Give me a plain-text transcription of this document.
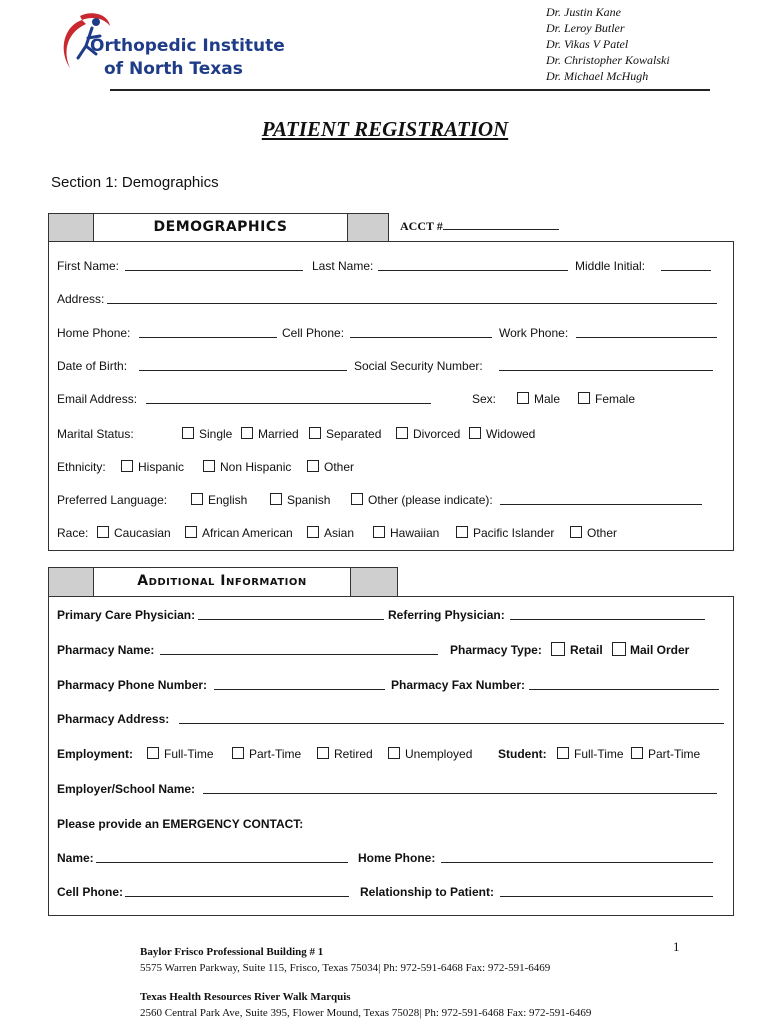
Orthopedic Institute
of North Texas
Dr. Justin Kane
Dr. Leroy Butler
Dr. Vikas V Patel
Dr. Christopher Kowalski
Dr. Michael McHugh
PATIENT REGISTRATION
Section 1: Demographics
DEMOGRAPHICS	ACCT #
First Name:	Last Name:	Middle Initial:
Address:
Home Phone:	Cell Phone:	Work Phone:
Date of Birth:	Social Security Number:
Email Address:	Sex:	Male	Female
Marital Status:	Single Married Separated	Divorced Widowed
Ethnicity:	Hispanic	Non Hispanic	Other
Preferred Language:	English	Spanish	Other (please indicate):
Race: Caucasian	African American	Asian	Hawaiian	Pacific Islander	Other
Additional Information
Primary Care Physician:	Referring Physician:
Pharmacy Name:	Pharmacy Type: Retail Mail Order
Pharmacy Phone Number:	Pharmacy Fax Number:
Pharmacy Address:
Employment:	Full-Time	Part-Time	Retired	Unemployed Student: Full-Time Part-Time
Employer/School Name:
Please provide an EMERGENCY CONTACT:
Name:	Home Phone:
Cell Phone:	Relationship to Patient:
1
Baylor Frisco Professional Building # 1
5575 Warren Parkway, Suite 115, Frisco, Texas 75034| Ph: 972-591-6468 Fax: 972-591-6469
Texas Health Resources River Walk Marquis
2560 Central Park Ave, Suite 395, Flower Mound, Texas 75028| Ph: 972-591-6468 Fax: 972-591-6469
